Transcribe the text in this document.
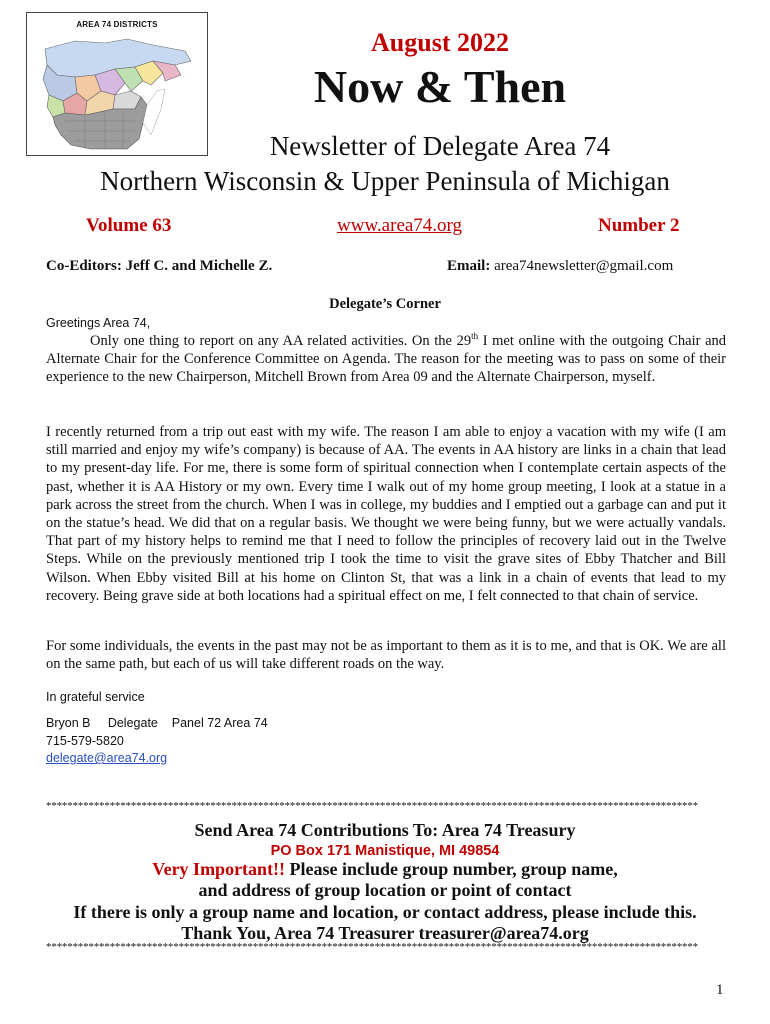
AREA 74 DISTRICTS
August 2022
Now & Then
Newsletter of Delegate Area 74
Northern Wisconsin & Upper Peninsula of Michigan
Volume 63	www.area74.org	Number 2
Co-Editors: Jeff C. and Michelle Z.	Email: area74newsletter@gmail.com
Delegate’s Corner
Greetings Area 74,
Only one thing to report on any AA related activities. On the 29th I met online with the outgoing Chair and Alternate Chair for the Conference Committee on Agenda. The reason for the meeting was to pass on some of their experience to the new Chairperson, Mitchell Brown from Area 09 and the Alternate Chairperson, myself.
I recently returned from a trip out east with my wife. The reason I am able to enjoy a vacation with my wife (I am still married and enjoy my wife’s company) is because of AA. The events in AA history are links in a chain that lead to my present-day life. For me, there is some form of spiritual connection when I contemplate certain aspects of the past, whether it is AA History or my own. Every time I walk out of my home group meeting, I look at a statue in a park across the street from the church. When I was in college, my buddies and I emptied out a garbage can and put it on the statue’s head. We did that on a regular basis. We thought we were being funny, but we were actually vandals. That part of my history helps to remind me that I need to follow the principles of recovery laid out in the Twelve Steps. While on the previously mentioned trip I took the time to visit the grave sites of Ebby Thatcher and Bill Wilson. When Ebby visited Bill at his home on Clinton St, that was a link in a chain of events that lead to my recovery. Being grave side at both locations had a spiritual effect on me, I felt connected to that chain of service.
For some individuals, the events in the past may not be as important to them as it is to me, and that is OK. We are all on the same path, but each of us will take different roads on the way.
In grateful service
Bryon B     Delegate    Panel 72 Area 74
715-579-5820
delegate@area74.org
***************************************************************************************************************************
Send Area 74 Contributions To: Area 74 Treasury
PO Box 171 Manistique, MI 49854
Very Important!! Please include group number, group name,
and address of group location or point of contact
If there is only a group name and location, or contact address, please include this.
Thank You, Area 74 Treasurer treasurer@area74.org
***************************************************************************************************************************
1
